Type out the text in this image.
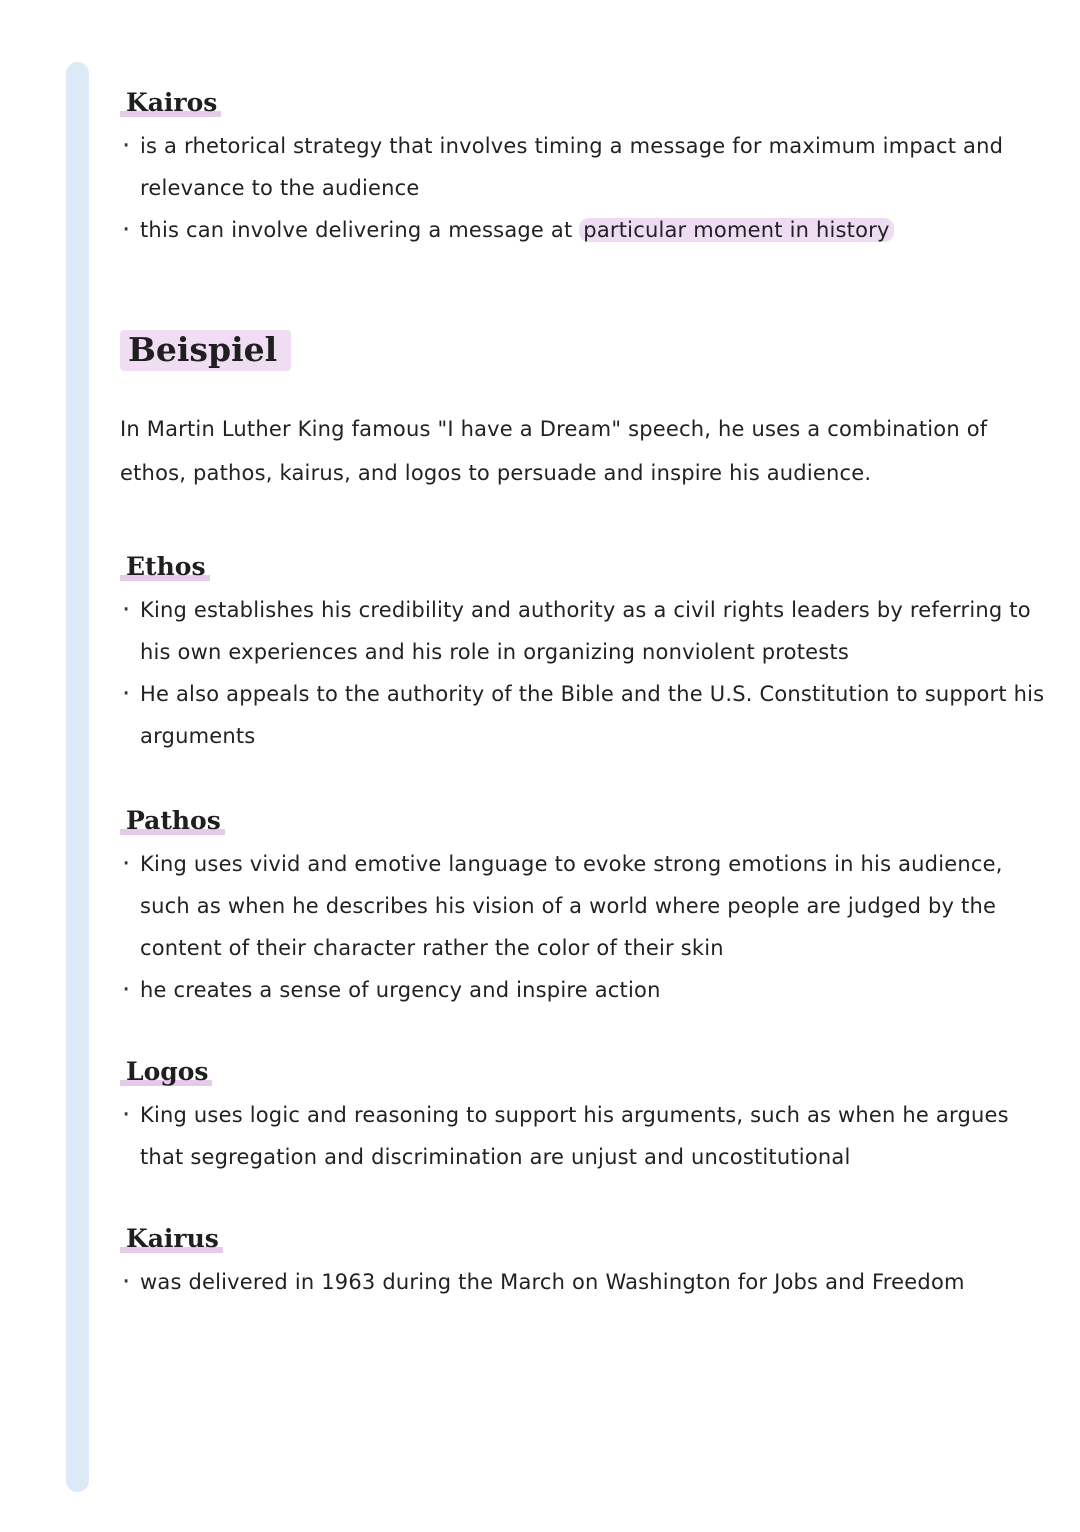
Kairos
· is a rhetorical strategy that involves timing a message for maximum impact and relevance to the audience
· this can involve delivering a message at particular moment in history
Beispiel

In Martin Luther King famous "I have a Dream" speech, he uses a combination of ethos, pathos, kairus, and logos to persuade and inspire his audience.

Ethos
· King establishes his credibility and authority as a civil rights leaders by referring to his own experiences and his role in organizing nonviolent protests
· He also appeals to the authority of the Bible and the U.S. Constitution to support his arguments
Pathos
· King uses vivid and emotive language to evoke strong emotions in his audience, such as when he describes his vision of a world where people are judged by the content of their character rather the color of their skin
· he creates a sense of urgency and inspire action
Logos
· King uses logic and reasoning to support his arguments, such as when he argues that segregation and discrimination are unjust and uncostitutional
Kairus
· was delivered in 1963 during the March on Washington for Jobs and Freedom
